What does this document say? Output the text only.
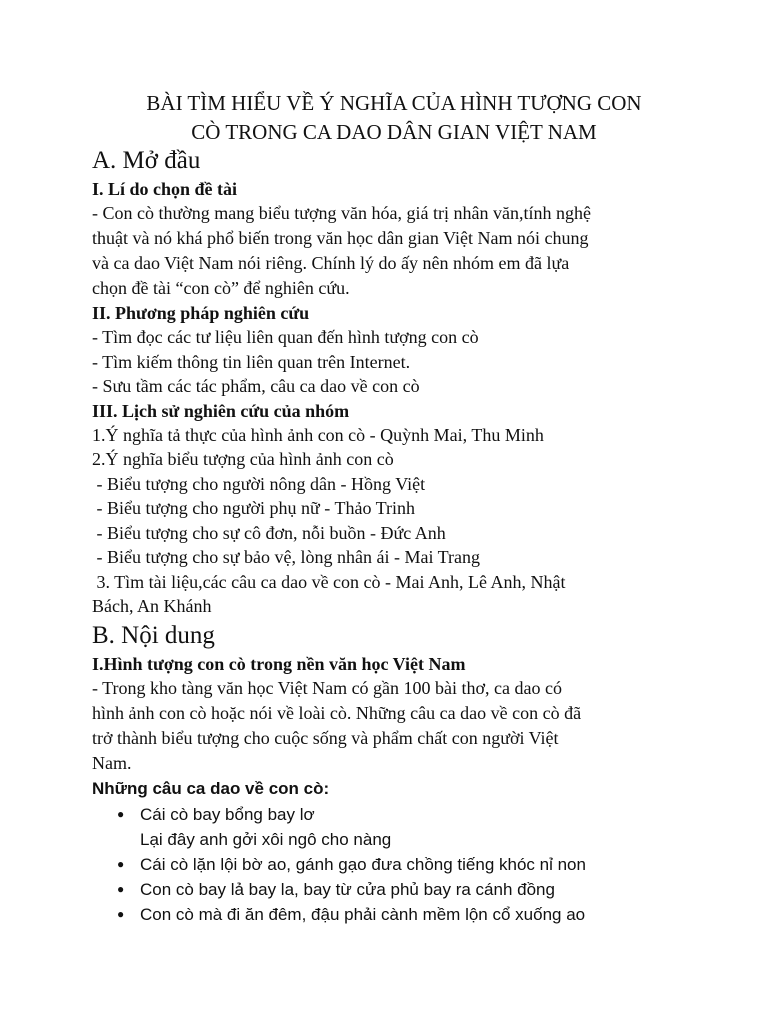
BÀI TÌM HIỂU VỀ Ý NGHĨA CỦA HÌNH TƯỢNG CON
CÒ TRONG CA DAO DÂN GIAN VIỆT NAM
A. Mở đầu
I. Lí do chọn đề tài

- Con cò thường mang biểu tượng văn hóa, giá trị nhân văn,tính nghệ
thuật và nó khá phổ biến trong văn học dân gian Việt Nam nói chung
và ca dao Việt Nam nói riêng. Chính lý do ấy nên nhóm em đã lựa
chọn đề tài “con cò” để nghiên cứu.

II. Phương pháp nghiên cứu

- Tìm đọc các tư liệu liên quan đến hình tượng con cò

- Tìm kiếm thông tin liên quan trên Internet.

- Sưu tầm các tác phẩm, câu ca dao về con cò

III. Lịch sử nghiên cứu của nhóm

1.Ý nghĩa tả thực của hình ảnh con cò - Quỳnh Mai, Thu Minh

2.Ý nghĩa biểu tượng của hình ảnh con cò

- Biểu tượng cho người nông dân - Hồng Việt

- Biểu tượng cho người phụ nữ - Thảo Trinh

- Biểu tượng cho sự cô đơn, nỗi buồn - Đức Anh

- Biểu tượng cho sự bảo vệ, lòng nhân ái - Mai Trang

3. Tìm tài liệu,các câu ca dao về con cò - Mai Anh, Lê Anh, Nhật

Bách, An Khánh

B. Nội dung
I.Hình tượng con cò trong nền văn học Việt Nam

- Trong kho tàng văn học Việt Nam có gần 100 bài thơ, ca dao có
hình ảnh con cò hoặc nói về loài cò. Những câu ca dao về con cò đã
trở thành biểu tượng cho cuộc sống và phẩm chất con người Việt
Nam.

Những câu ca dao về con cò:

● Cái cò bay bổng bay lơ
Lại đây anh gởi xôi ngô cho nàng
● Cái cò lặn lội bờ ao, gánh gạo đưa chồng tiếng khóc nỉ non
● Con cò bay lả bay la, bay từ cửa phủ bay ra cánh đồng
● Con cò mà đi ăn đêm, đậu phải cành mềm lộn cổ xuống ao
